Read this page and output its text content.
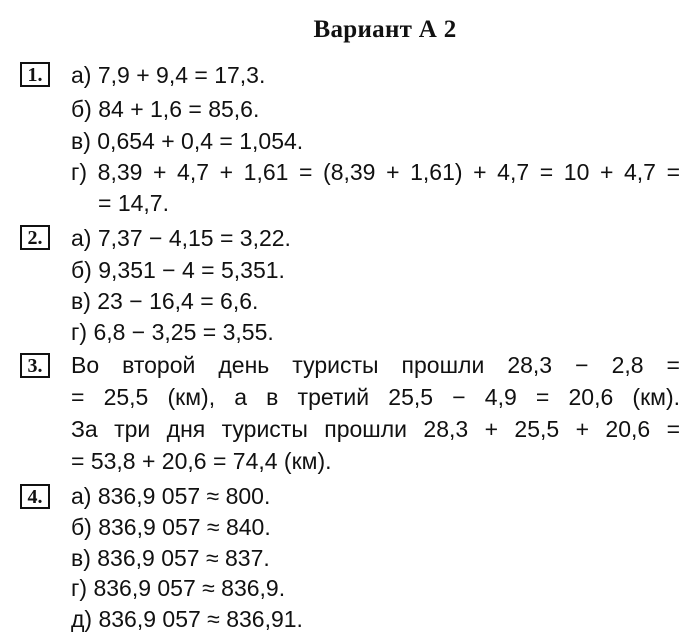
Вариант А 2
1.	а) 7,9 + 9,4 = 17,3.
б) 84 + 1,6 = 85,6.
в) 0,654 + 0,4 = 1,054.
г) 8,39 + 4,7 + 1,61 = (8,39 + 1,61) + 4,7 = 10 + 4,7 =
= 14,7.
2.	а) 7,37 − 4,15 = 3,22.
б) 9,351 − 4 = 5,351.
в) 23 − 16,4 = 6,6.
г) 6,8 − 3,25 = 3,55.
3.	Во второй день туристы прошли 28,3 − 2,8 =
= 25,5 (км), а в третий 25,5 − 4,9 = 20,6 (км).
За три дня туристы прошли 28,3 + 25,5 + 20,6 =
= 53,8 + 20,6 = 74,4 (км).
4.	а) 836,9 057 ≈ 800.
б) 836,9 057 ≈ 840.
в) 836,9 057 ≈ 837.
г) 836,9 057 ≈ 836,9.
д) 836,9 057 ≈ 836,91.
